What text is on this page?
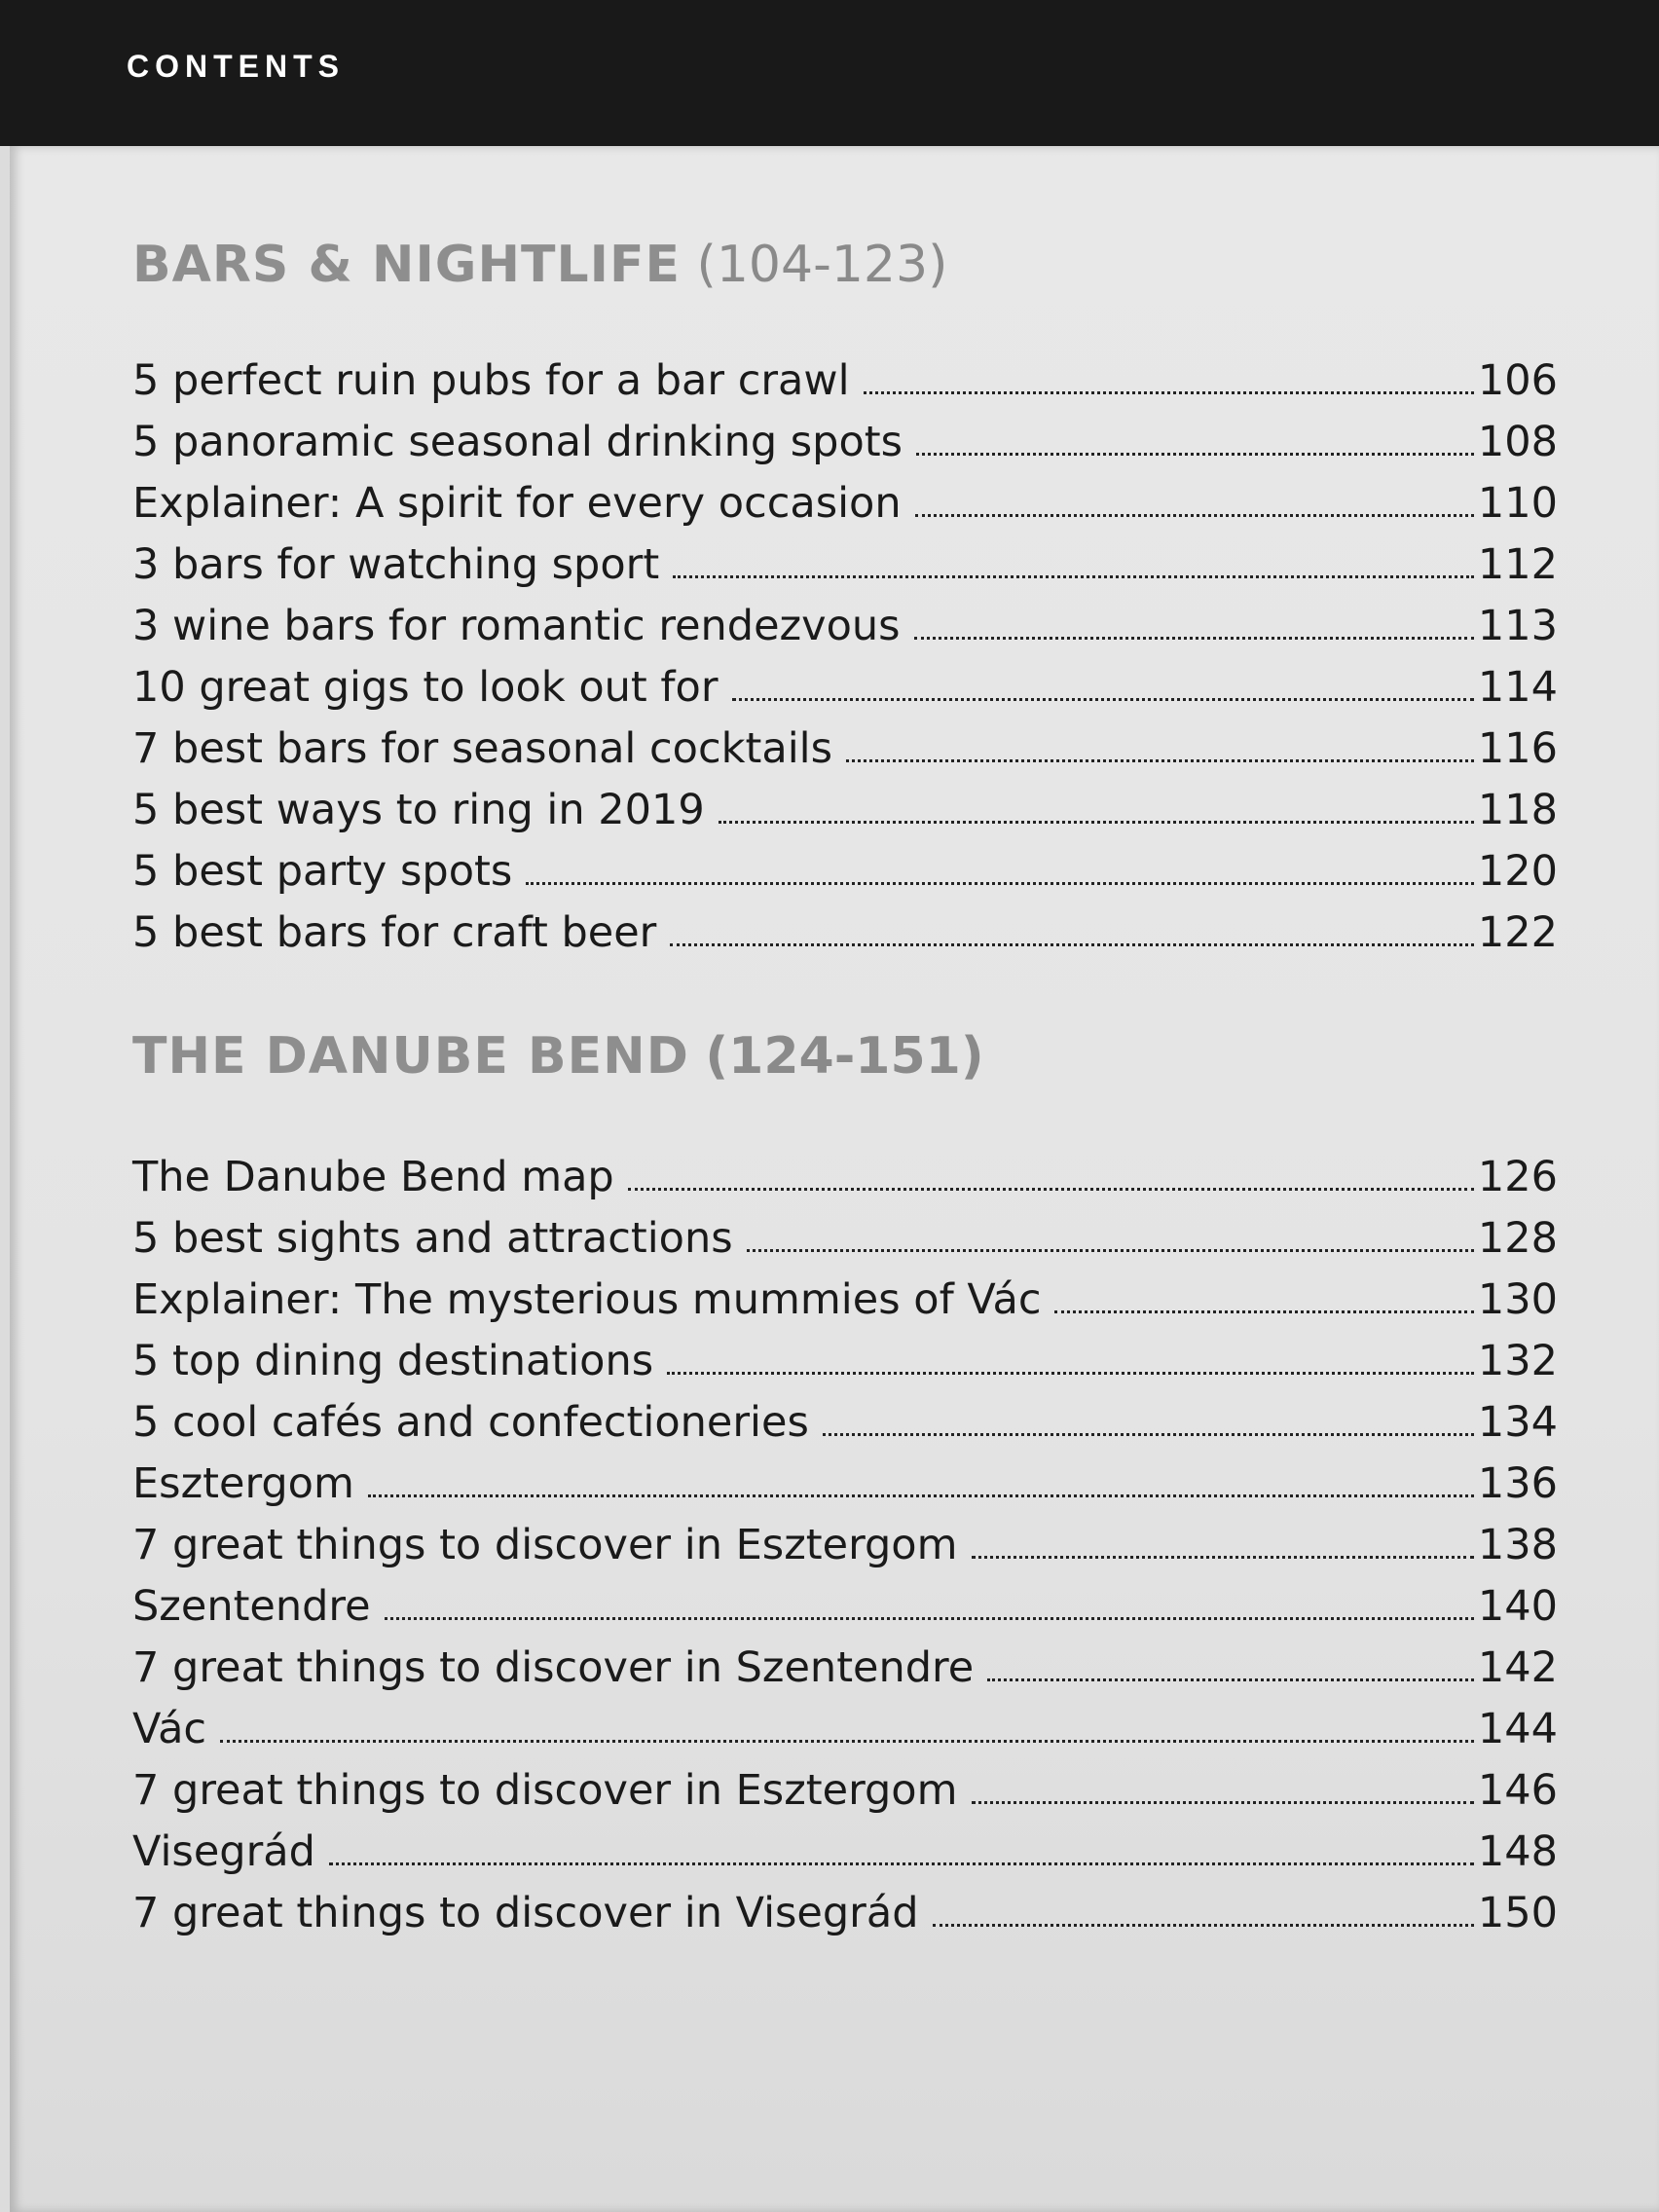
CONTENTS
BARS & NIGHTLIFE (104-123)
5 perfect ruin pubs for a bar crawl	106
5 panoramic seasonal drinking spots	108
Explainer: A spirit for every occasion	110
3 bars for watching sport	112
3 wine bars for romantic rendezvous	113
10 great gigs to look out for	114
7 best bars for seasonal cocktails	116
5 best ways to ring in 2019	118
5 best party spots	120
5 best bars for craft beer	122
THE DANUBE BEND (124-151)
The Danube Bend map	126
5 best sights and attractions	128
Explainer: The mysterious mummies of Vác	130
5 top dining destinations	132
5 cool cafés and confectioneries	134
Esztergom	136
7 great things to discover in Esztergom	138
Szentendre	140
7 great things to discover in Szentendre	142
Vác	144
7 great things to discover in Esztergom	146
Visegrád	148
7 great things to discover in Visegrád	150
